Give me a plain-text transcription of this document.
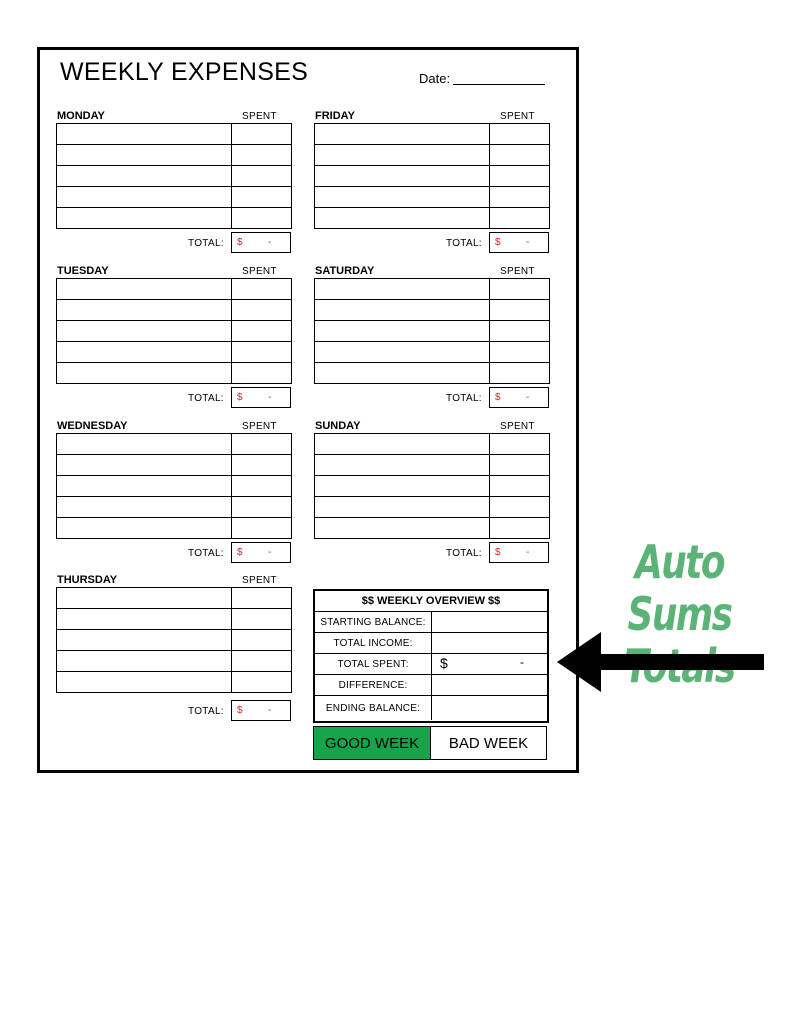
WEEKLY EXPENSES	Date:
MONDAY	SPENT
TOTAL: $	-
TUESDAY	SPENT
TOTAL: $	-
WEDNESDAY	SPENT
TOTAL: $	-
THURSDAY	SPENT
TOTAL: $	-
FRIDAY	SPENT
TOTAL: $	-
SATURDAY	SPENT
TOTAL: $	-
SUNDAY	SPENT
TOTAL: $	-
$$ WEEKLY OVERVIEW $$
STARTING BALANCE:
TOTAL INCOME:
TOTAL SPENT:	$	-
DIFFERENCE:
ENDING BALANCE:
GOOD WEEK	BAD WEEK
Auto Sums
